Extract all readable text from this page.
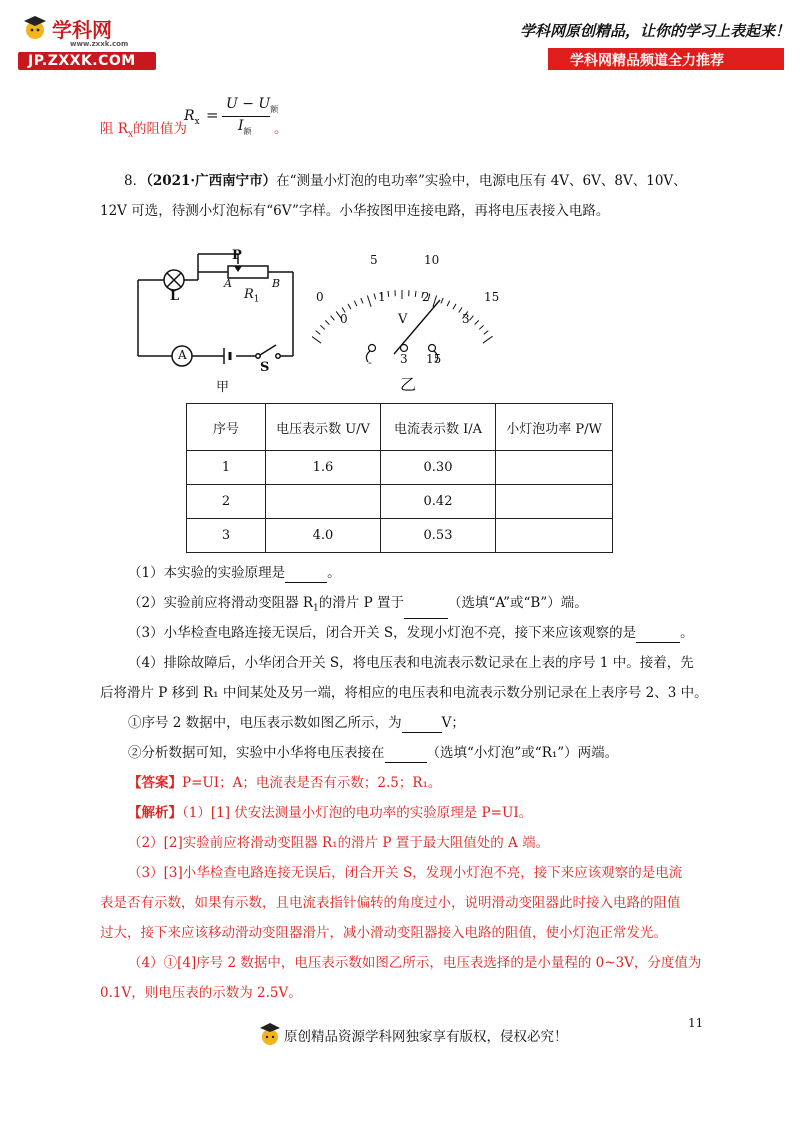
学科网
www.zxxk.com
JP.ZXXK.COM
学科网原创精品，让你的学习上表起来！
学科网精品频道全力推荐
阻 $R_x$的阻值为
$R_x$ =
$U - U_额$
$I_额$ 。
8．（2021·广西南宁市）在“测量小灯泡的电功率”实验中，电源电压有 4V、6V、8V、10V、
12V 可选，待测小灯泡标有“6V”字样。小华按图甲连接电路，再将电压表接入电路。
L
P
A	B
$R_1$
A
S
甲
0
5	10
15
0
1	2
3
V
- 3 15
乙
序号	电压表示数 U/V	电流表示数 I/A	小灯泡功率 P/W
1	1.6	0.30	
2		0.42	
3	4.0	0.53	
（1）本实验的实验原理是	。
（2）实验前应将滑动变阻器 $R_1$的滑片 P 置于	（选填“A”或“B”）端。
（3）小华检查电路连接无误后，闭合开关 S，发现小灯泡不亮，接下来应该观察的是	。
（4）排除故障后，小华闭合开关 S，将电压表和电流表示数记录在上表的序号 1 中。接着，先
后将滑片 P 移到 R₁ 中间某处及另一端，将相应的电压表和电流表示数分别记录在上表序号 2、3 中。
①序号 2 数据中，电压表示数如图乙所示，为	V；
②分析数据可知，实验中小华将电压表接在	（选填“小灯泡”或“R₁”）两端。
【答案】P=UI；A；电流表是否有示数；2.5；R₁。
【解析】（1）[1] 伏安法测量小灯泡的电功率的实验原理是 P=UI。
（2）[2]实验前应将滑动变阻器 R₁的滑片 P 置于最大阻值处的 A 端。
（3）[3]小华检查电路连接无误后，闭合开关 S，发现小灯泡不亮，接下来应该观察的是电流
表是否有示数，如果有示数，且电流表指针偏转的角度过小，说明滑动变阻器此时接入电路的阻值
过大，接下来应该移动滑动变阻器滑片，减小滑动变阻器接入电路的阻值，使小灯泡正常发光。
（4）①[4]序号 2 数据中，电压表示数如图乙所示，电压表选择的是小量程的 0~3V，分度值为
0.1V，则电压表的示数为 2.5V。
11
原创精品资源学科网独家享有版权，侵权必究！
